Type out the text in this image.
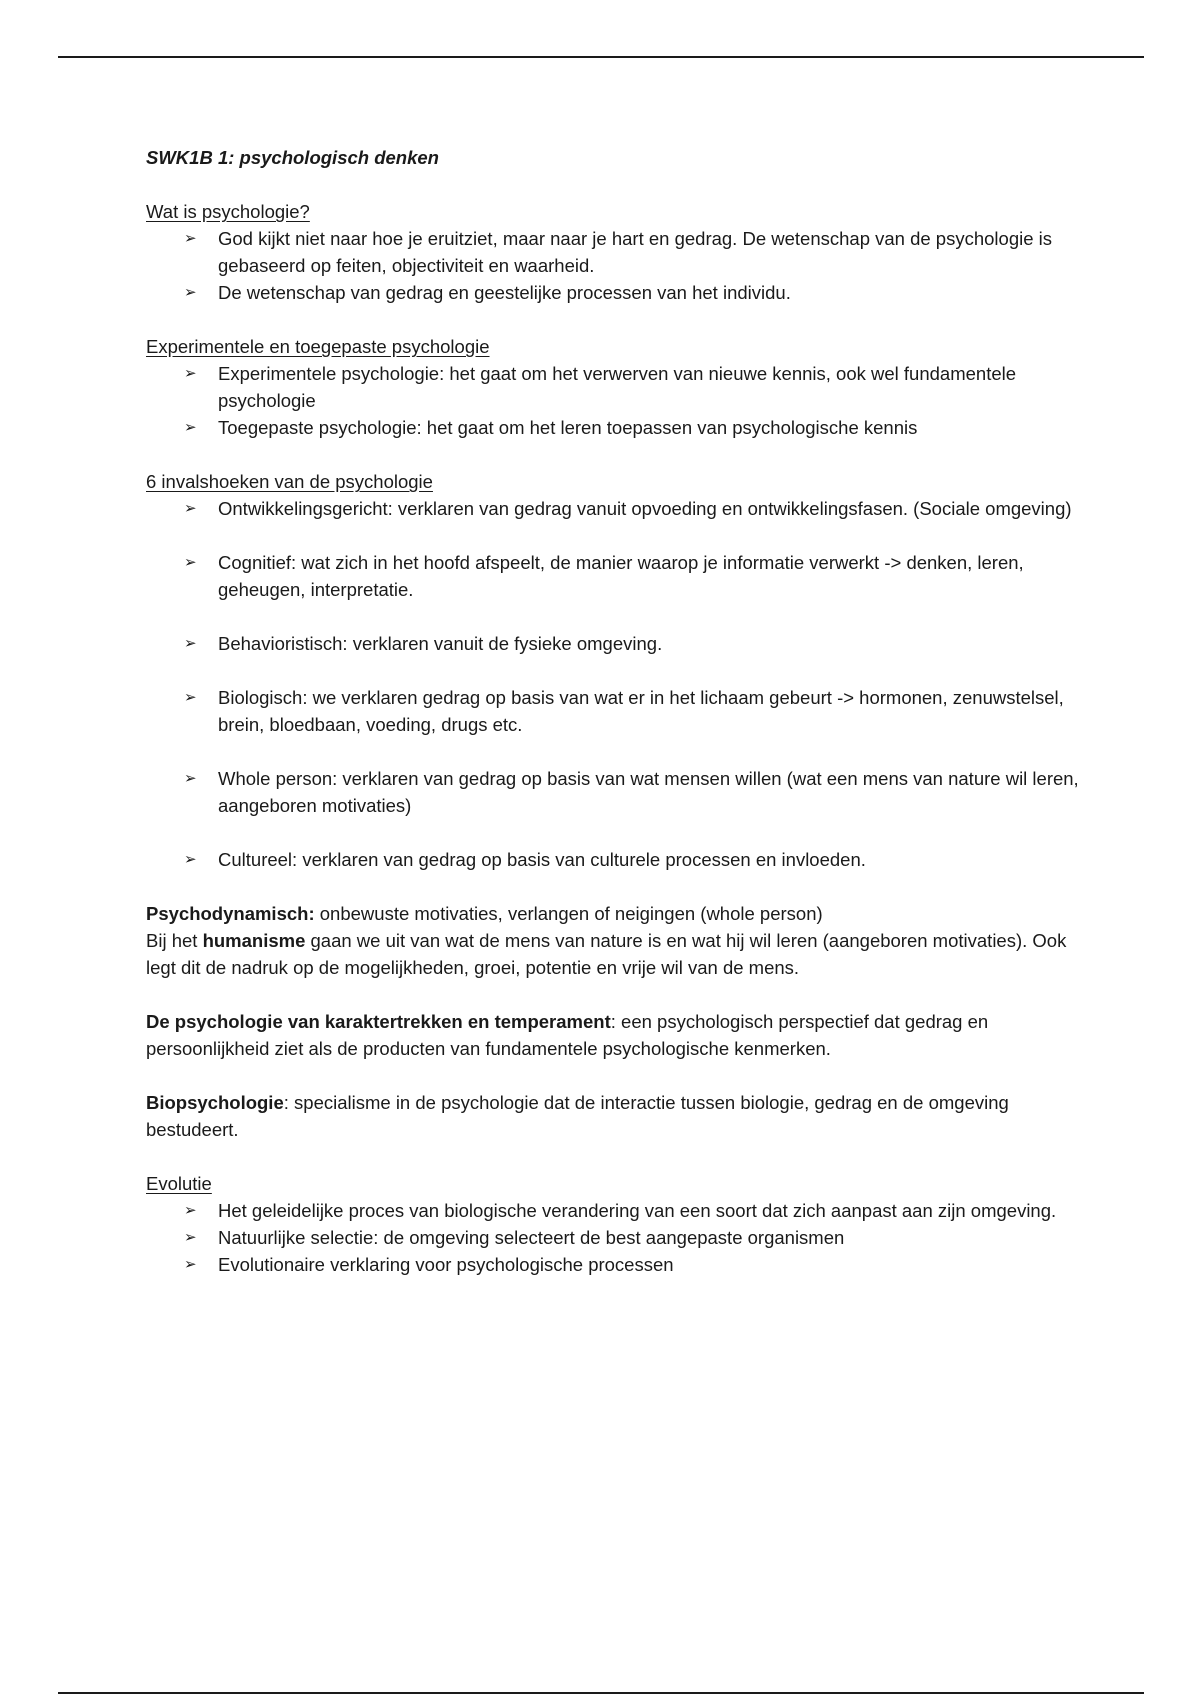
SWK1B 1: psychologisch denken
Wat is psychologie?
➢ God kijkt niet naar hoe je eruitziet, maar naar je hart en gedrag. De wetenschap van de psychologie is gebaseerd op feiten, objectiviteit en waarheid.
➢ De wetenschap van gedrag en geestelijke processen van het individu.
Experimentele en toegepaste psychologie
➢ Experimentele psychologie: het gaat om het verwerven van nieuwe kennis, ook wel fundamentele psychologie
➢ Toegepaste psychologie: het gaat om het leren toepassen van psychologische kennis
6 invalshoeken van de psychologie
➢ Ontwikkelingsgericht: verklaren van gedrag vanuit opvoeding en ontwikkelingsfasen. (Sociale omgeving)
➢ Cognitief: wat zich in het hoofd afspeelt, de manier waarop je informatie verwerkt -> denken, leren, geheugen, interpretatie.
➢ Behavioristisch: verklaren vanuit de fysieke omgeving.
➢ Biologisch: we verklaren gedrag op basis van wat er in het lichaam gebeurt -> hormonen, zenuwstelsel, brein, bloedbaan, voeding, drugs etc.
➢ Whole person: verklaren van gedrag op basis van wat mensen willen (wat een mens van nature wil leren, aangeboren motivaties)
➢ Cultureel: verklaren van gedrag op basis van culturele processen en invloeden.

Psychodynamisch: onbewuste motivaties, verlangen of neigingen (whole person)

Bij het humanisme gaan we uit van wat de mens van nature is en wat hij wil leren (aangeboren motivaties). Ook legt dit de nadruk op de mogelijkheden, groei, potentie en vrije wil van de mens.

De psychologie van karaktertrekken en temperament: een psychologisch perspectief dat gedrag en persoonlijkheid ziet als de producten van fundamentele psychologische kenmerken.

Biopsychologie: specialisme in de psychologie dat de interactie tussen biologie, gedrag en de omgeving bestudeert.

Evolutie
➢ Het geleidelijke proces van biologische verandering van een soort dat zich aanpast aan zijn omgeving.
➢ Natuurlijke selectie: de omgeving selecteert de best aangepaste organismen
➢ Evolutionaire verklaring voor psychologische processen
